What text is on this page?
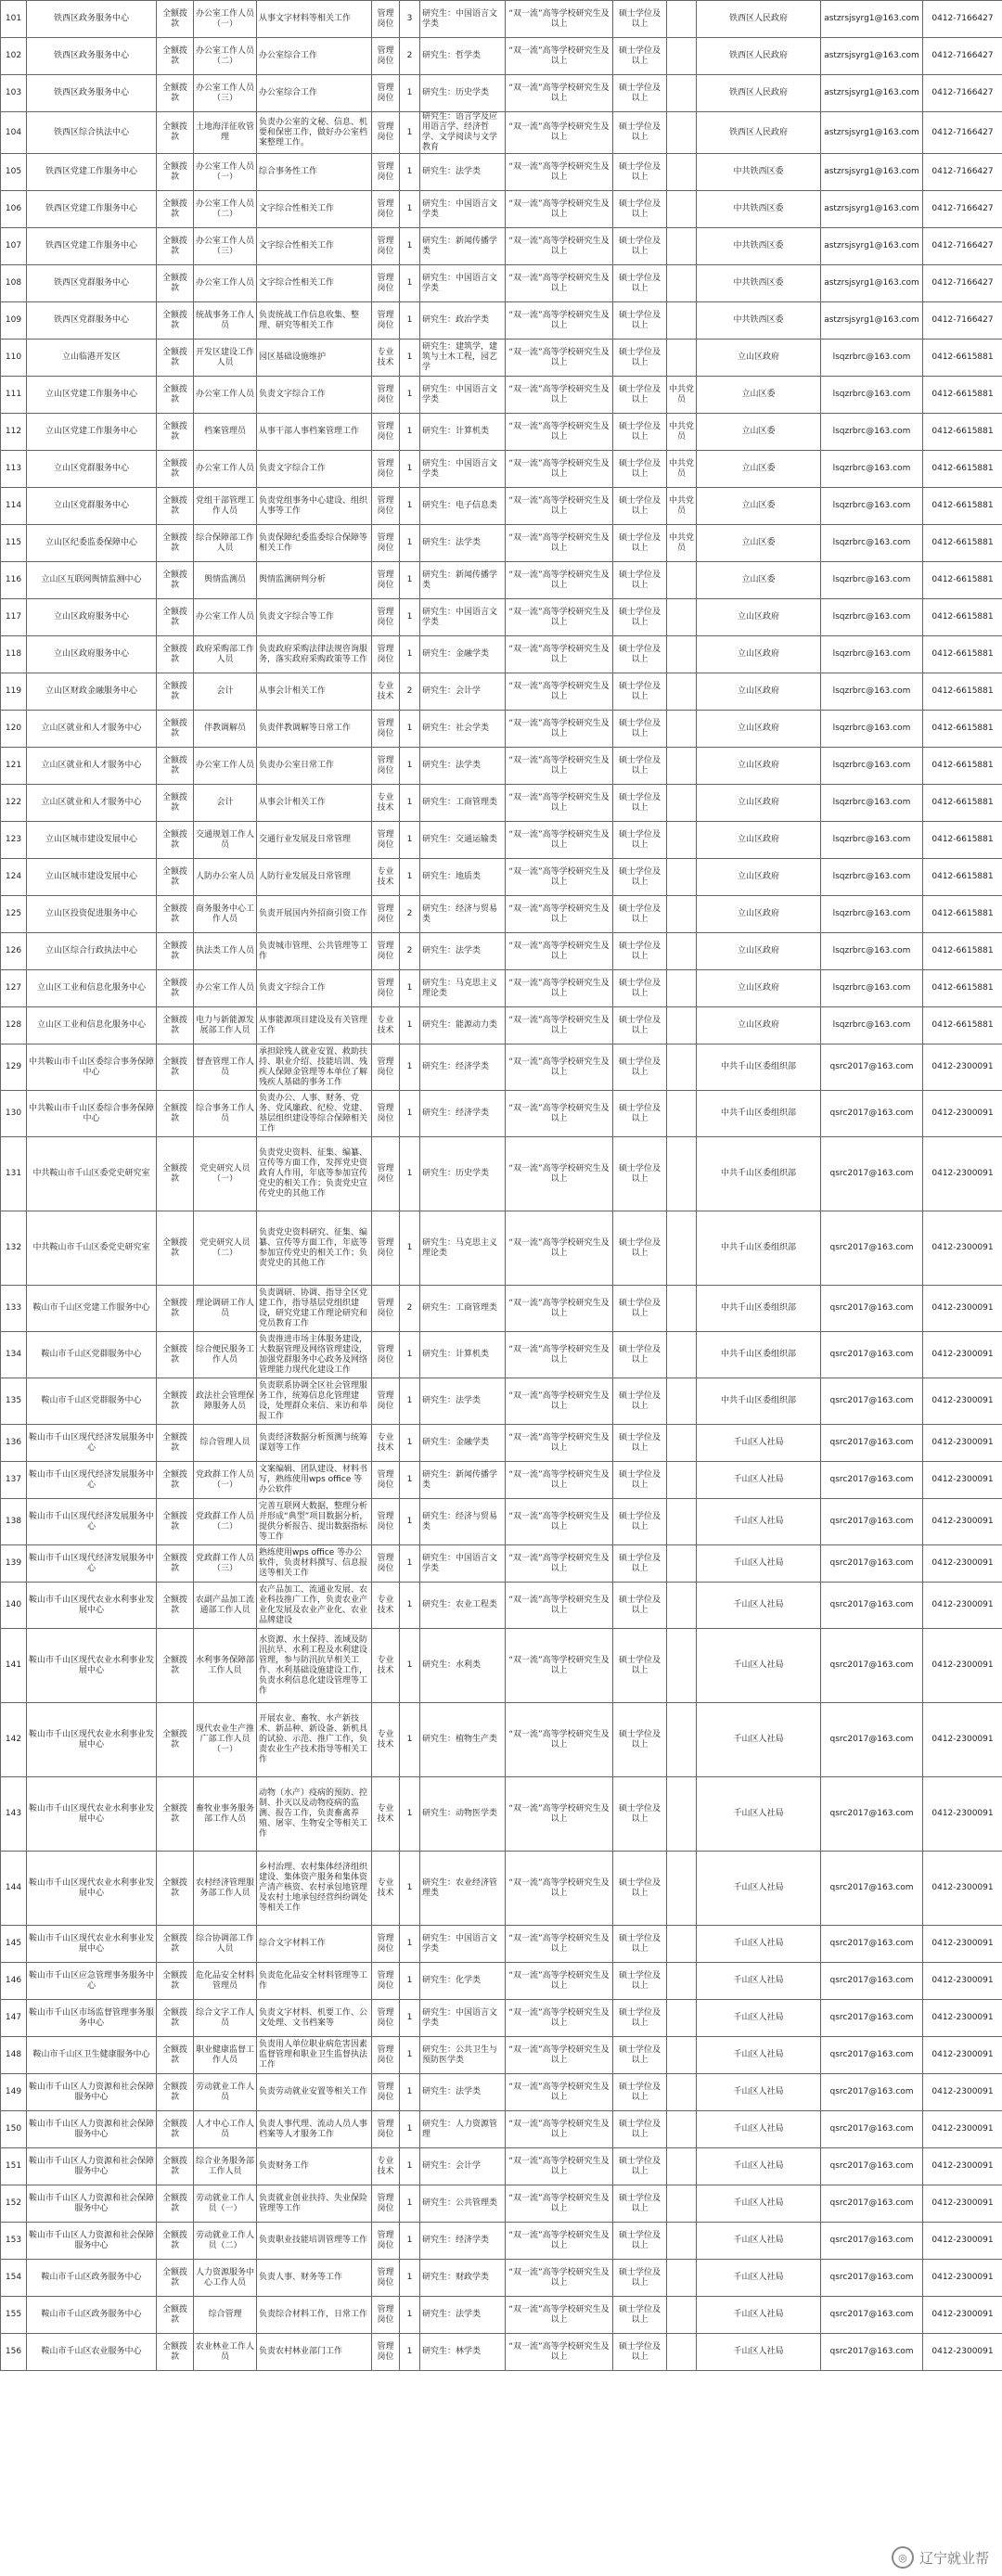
101	铁西区政务服务中心	全额拨款	办公室工作人员（一）	从事文字材料等相关工作	管理岗位	3	研究生：中国语言文学类	“双一流”高等学校研究生及以上	硕士学位及以上		铁西区人民政府	astzrsjsyrg1@163.com	0412-7166427
102	铁西区政务服务中心	全额拨款	办公室工作人员（二）	办公室综合工作	管理岗位	2	研究生：哲学类	“双一流”高等学校研究生及以上	硕士学位及以上		铁西区人民政府	astzrsjsyrg1@163.com	0412-7166427
103	铁西区政务服务中心	全额拨款	办公室工作人员（三）	办公室综合工作	管理岗位	1	研究生：历史学类	“双一流”高等学校研究生及以上	硕士学位及以上		铁西区人民政府	astzrsjsyrg1@163.com	0412-7166427
104	铁西区综合执法中心	全额拨款	土地海洋征收管理	负责办公室的文秘、信息、机要和保密工作，做好办公室档案整理工作。	管理岗位	1	研究生：语言学及应用语言学、经济哲学、文学阅读与文学教育	“双一流”高等学校研究生及以上	硕士学位及以上		铁西区人民政府	astzrsjsyrg1@163.com	0412-7166427
105	铁西区党建工作服务中心	全额拨款	办公室工作人员（一）	综合事务性工作	管理岗位	1	研究生：法学类	“双一流”高等学校研究生及以上	硕士学位及以上		中共铁西区委	astzrsjsyrg1@163.com	0412-7166427
106	铁西区党建工作服务中心	全额拨款	办公室工作人员（二）	文字综合性相关工作	管理岗位	1	研究生：中国语言文学类	“双一流”高等学校研究生及以上	硕士学位及以上		中共铁西区委	astzrsjsyrg1@163.com	0412-7166427
107	铁西区党建工作服务中心	全额拨款	办公室工作人员（三）	文字综合性相关工作	管理岗位	1	研究生：新闻传播学类	“双一流”高等学校研究生及以上	硕士学位及以上		中共铁西区委	astzrsjsyrg1@163.com	0412-7166427
108	铁西区党群服务中心	全额拨款	办公室工作人员	文字综合性相关工作	管理岗位	1	研究生：中国语言文学类	“双一流”高等学校研究生及以上	硕士学位及以上		中共铁西区委	astzrsjsyrg1@163.com	0412-7166427
109	铁西区党群服务中心	全额拨款	统战事务工作人员	负责统战工作信息收集、整理、研究等相关工作	管理岗位	1	研究生：政治学类	“双一流”高等学校研究生及以上	硕士学位及以上		中共铁西区委	astzrsjsyrg1@163.com	0412-7166427
110	立山临港开发区	全额拨款	开发区建设工作人员	园区基础设施维护	专业技术	1	研究生：建筑学，建筑与土木工程，园艺学	“双一流”高等学校研究生及以上	硕士学位及以上		立山区政府	lsqzrbrc@163.com	0412-6615881
111	立山区党建工作服务中心	全额拨款	办公室工作人员	负责文字综合工作	管理岗位	1	研究生：中国语言文学类	“双一流”高等学校研究生及以上	硕士学位及以上	中共党员	立山区委	lsqzrbrc@163.com	0412-6615881
112	立山区党建工作服务中心	全额拨款	档案管理员	从事干部人事档案管理工作	管理岗位	1	研究生：计算机类	“双一流”高等学校研究生及以上	硕士学位及以上	中共党员	立山区委	lsqzrbrc@163.com	0412-6615881
113	立山区党群服务中心	全额拨款	办公室工作人员	负责文字综合工作	管理岗位	1	研究生：中国语言文学类	“双一流”高等学校研究生及以上	硕士学位及以上	中共党员	立山区委	lsqzrbrc@163.com	0412-6615881
114	立山区党群服务中心	全额拨款	党组干部管理工作人员	负责党组事务中心建设、组织人事等工作	管理岗位	1	研究生：电子信息类	“双一流”高等学校研究生及以上	硕士学位及以上	中共党员	立山区委	lsqzrbrc@163.com	0412-6615881
115	立山区纪委监委保障中心	全额拨款	综合保障部工作人员	负责保障纪委监委综合保障等相关工作	管理岗位	1	研究生：法学类	“双一流”高等学校研究生及以上	硕士学位及以上	中共党员	立山区委	lsqzrbrc@163.com	0412-6615881
116	立山区互联网舆情监测中心	全额拨款	舆情监测员	舆情监测研判分析	管理岗位	1	研究生：新闻传播学类	“双一流”高等学校研究生及以上	硕士学位及以上		立山区委	lsqzrbrc@163.com	0412-6615881
117	立山区政府服务中心	全额拨款	办公室工作人员	负责文字综合等工作	管理岗位	1	研究生：中国语言文学类	“双一流”高等学校研究生及以上	硕士学位及以上		立山区政府	lsqzrbrc@163.com	0412-6615881
118	立山区政府服务中心	全额拨款	政府采购部工作人员	负责政府采购法律法规咨询服务，落实政府采购政策等工作	管理岗位	1	研究生：金融学类	“双一流”高等学校研究生及以上	硕士学位及以上		立山区政府	lsqzrbrc@163.com	0412-6615881
119	立山区财政金融服务中心	全额拨款	会计	从事会计相关工作	专业技术	2	研究生：会计学	“双一流”高等学校研究生及以上	硕士学位及以上		立山区政府	lsqzrbrc@163.com	0412-6615881
120	立山区就业和人才服务中心	全额拨款	伴教调解员	负责伴教调解等日常工作	管理岗位	1	研究生：社会学类	“双一流”高等学校研究生及以上	硕士学位及以上		立山区政府	lsqzrbrc@163.com	0412-6615881
121	立山区就业和人才服务中心	全额拨款	办公室工作人员	负责办公室日常工作	管理岗位	1	研究生：法学类	“双一流”高等学校研究生及以上	硕士学位及以上		立山区政府	lsqzrbrc@163.com	0412-6615881
122	立山区就业和人才服务中心	全额拨款	会计	从事会计相关工作	专业技术	1	研究生：工商管理类	“双一流”高等学校研究生及以上	硕士学位及以上		立山区政府	lsqzrbrc@163.com	0412-6615881
123	立山区城市建设发展中心	全额拨款	交通规划工作人员	交通行业发展及日常管理	管理岗位	1	研究生：交通运输类	“双一流”高等学校研究生及以上	硕士学位及以上		立山区政府	lsqzrbrc@163.com	0412-6615881
124	立山区城市建设发展中心	全额拨款	人防办公室人员	人防行业发展及日常管理	专业技术	1	研究生：地质类	“双一流”高等学校研究生及以上	硕士学位及以上		立山区政府	lsqzrbrc@163.com	0412-6615881
125	立山区投资促进服务中心	全额拨款	商务服务中心工作人员	负责开展国内外招商引资工作	管理岗位	2	研究生：经济与贸易类	“双一流”高等学校研究生及以上	硕士学位及以上		立山区政府	lsqzrbrc@163.com	0412-6615881
126	立山区综合行政执法中心	全额拨款	执法类工作人员	负责城市管理、公共管理等工作	管理岗位	2	研究生：法学类	“双一流”高等学校研究生及以上	硕士学位及以上		立山区政府	lsqzrbrc@163.com	0412-6615881
127	立山区工业和信息化服务中心	全额拨款	办公室工作人员	负责文字综合工作	管理岗位	1	研究生：马克思主义理论类	“双一流”高等学校研究生及以上	硕士学位及以上		立山区政府	lsqzrbrc@163.com	0412-6615881
128	立山区工业和信息化服务中心	全额拨款	电力与新能源发展部工作人员	从事能源项目建设及有关管理工作	专业技术	1	研究生：能源动力类	“双一流”高等学校研究生及以上	硕士学位及以上		立山区政府	lsqzrbrc@163.com	0412-6615881
129	中共鞍山市千山区委综合事务保障中心	全额拨款	督查管理工作人员	承担除残人就业安置、救助扶持、职业介绍、技能培训、残疾人保障金管理等本单位了解残疾人基础的事务工作	管理岗位	1	研究生：经济学类	“双一流”高等学校研究生及以上	硕士学位及以上		中共千山区委组织部	qsrc2017@163.com	0412-2300091
130	中共鞍山市千山区委综合事务保障中心	全额拨款	综合事务工作人员	负责办公、人事、财务、党务、党风廉政、纪检、党建、基层组织建设等综合保障相关工作	管理岗位	1	研究生：经济学类	“双一流”高等学校研究生及以上	硕士学位及以上		中共千山区委组织部	qsrc2017@163.com	0412-2300091
131	中共鞍山市千山区委党史研究室	全额拨款	党史研究人员（一）	负责党史资料、征集、编纂、宣传等方面工作，发挥党史资政育人作用，年底等参加宣传党史的相关工作；负责党史宣传党史的其他工作	管理岗位	1	研究生：历史学类	“双一流”高等学校研究生及以上	硕士学位及以上		中共千山区委组织部	qsrc2017@163.com	0412-2300091
132	中共鞍山市千山区委党史研究室	全额拨款	党史研究人员（二）	负责党史资料研究、征集、编纂、宣传等方面工作，年底等参加宣传党史的相关工作；负责党史的其他工作	管理岗位	1	研究生：马克思主义理论类	“双一流”高等学校研究生及以上	硕士学位及以上		中共千山区委组织部	qsrc2017@163.com	0412-2300091
133	鞍山市千山区党建工作服务中心	全额拨款	理论调研工作人员	负责调研、协调、指导全区党建工作，指导基层党组织建设，研究党建工作理论研究和党员教育工作	管理岗位	2	研究生：工商管理类	“双一流”高等学校研究生及以上	硕士学位及以上		中共千山区委组织部	qsrc2017@163.com	0412-2300091
134	鞍山市千山区党群服务中心	全额拨款	综合便民服务工作人员	负责推进市场主体服务建设，大数据管理及网络管理建设，加强党群服务中心政务及网络管理能力现代化建设工作	管理岗位	1	研究生：计算机类	“双一流”高等学校研究生及以上	硕士学位及以上		中共千山区委组织部	qsrc2017@163.com	0412-2300091
135	鞍山市千山区党群服务中心	全额拨款	政法社会管理保障服务人员	负责联系协调全区社会管理服务工作，统筹信息化管理建设，处理群众来信、来访和举报工作	管理岗位	1	研究生：法学类	“双一流”高等学校研究生及以上	硕士学位及以上		中共千山区委组织部	qsrc2017@163.com	0412-2300091
136	鞍山市千山区现代经济发展服务中心	全额拨款	综合管理人员	负责经济数据分析预测与统筹谋划等工作	专业技术	1	研究生：金融学类	“双一流”高等学校研究生及以上	硕士学位及以上		千山区人社局	qsrc2017@163.com	0412-2300091
137	鞍山市千山区现代经济发展服务中心	全额拨款	党政群工作人员（一）	文案编辑、团队建设、材料书写，熟练使用wps office 等办公软件	管理岗位	1	研究生：新闻传播学类	“双一流”高等学校研究生及以上	硕士学位及以上		千山区人社局	qsrc2017@163.com	0412-2300091
138	鞍山市千山区现代经济发展服务中心	全额拨款	党政群工作人员（二）	完善互联网大数据，整理分析并形成“典型”项目数据分析，提供分析报告、提出数据指标等工作	管理岗位	1	研究生：经济与贸易类	“双一流”高等学校研究生及以上	硕士学位及以上		千山区人社局	qsrc2017@163.com	0412-2300091
139	鞍山市千山区现代经济发展服务中心	全额拨款	党政群工作人员（三）	熟练使用wps office 等办公软件，负责材料撰写、信息报送等相关工作	管理岗位	1	研究生：中国语言文学类	“双一流”高等学校研究生及以上	硕士学位及以上		千山区人社局	qsrc2017@163.com	0412-2300091
140	鞍山市千山区现代农业水利事业发展中心	全额拨款	农副产品加工流通部工作人员	农产品加工、流通业发展、农业科技推广工作，负责农业产业化发展及农业产业化、农业品牌建设	专业技术	1	研究生：农业工程类	“双一流”高等学校研究生及以上	硕士学位及以上		千山区人社局	qsrc2017@163.com	0412-2300091
141	鞍山市千山区现代农业水利事业发展中心	全额拨款	水利事务保障部工作人员	水资源、水土保持、流域及防汛抗旱、水利工程及水利建设管理，参与防汛抗旱相关工作、水利基础设施建设工作，负责水利信息化建设管理等工作	专业技术	1	研究生：水利类	“双一流”高等学校研究生及以上	硕士学位及以上		千山区人社局	qsrc2017@163.com	0412-2300091
142	鞍山市千山区现代农业水利事业发展中心	全额拨款	现代农业生产推广部工作人员（一）	开展农业、畜牧、水产新技术、新品种、新设备、新机具的试验、示范、推广工作，负责农业生产技术指导等相关工作	专业技术	1	研究生：植物生产类	“双一流”高等学校研究生及以上	硕士学位及以上		千山区人社局	qsrc2017@163.com	0412-2300091
143	鞍山市千山区现代农业水利事业发展中心	全额拨款	畜牧业事务服务部工作人员	动物（水产）疫病的预防、控制、扑灭以及动物疫病的监测、报告工作，负责畜禽养殖、屠宰、生物安全等相关工作	专业技术	1	研究生：动物医学类	“双一流”高等学校研究生及以上	硕士学位及以上		千山区人社局	qsrc2017@163.com	0412-2300091
144	鞍山市千山区现代农业水利事业发展中心	全额拨款	农村经济管理服务部工作人员	乡村治理、农村集体经济组织建设、集体资产服务和集体资产清产核资、农村承包地管理及农村土地承包经营纠纷调处等相关工作	专业技术	1	研究生：农业经济管理类	“双一流”高等学校研究生及以上	硕士学位及以上		千山区人社局	qsrc2017@163.com	0412-2300091
145	鞍山市千山区现代农业水利事业发展中心	全额拨款	综合协调部工作人员	综合文字材料工作	管理岗位	1	研究生：中国语言文学类	“双一流”高等学校研究生及以上	硕士学位及以上		千山区人社局	qsrc2017@163.com	0412-2300091
146	鞍山市千山区应急管理事务服务中心	全额拨款	危化品安全材料管理员	负责危化品安全材料管理等工作	管理岗位	1	研究生：化学类	“双一流”高等学校研究生及以上	硕士学位及以上		千山区人社局	qsrc2017@163.com	0412-2300091
147	鞍山市千山区市场监督管理事务服务中心	全额拨款	综合文字工作人员	负责文字材料、机要工作、公文处理、文书档案等	管理岗位	1	研究生：中国语言文学类	“双一流”高等学校研究生及以上	硕士学位及以上		千山区人社局	qsrc2017@163.com	0412-2300091
148	鞍山市千山区卫生健康服务中心	全额拨款	职业健康监督工作人员	负责用人单位职业病危害因素监督管理和职业卫生监督执法工作	管理岗位	1	研究生：公共卫生与预防医学类	“双一流”高等学校研究生及以上	硕士学位及以上		千山区人社局	qsrc2017@163.com	0412-2300091
149	鞍山市千山区人力资源和社会保障服务中心	全额拨款	劳动就业工作人员	负责劳动就业安置等相关工作	管理岗位	1	研究生：法学类	“双一流”高等学校研究生及以上	硕士学位及以上		千山区人社局	qsrc2017@163.com	0412-2300091
150	鞍山市千山区人力资源和社会保障服务中心	全额拨款	人才中心工作人员	负责人事代理、流动人员人事档案等人才服务工作	管理岗位	1	研究生：人力资源管理	“双一流”高等学校研究生及以上	硕士学位及以上		千山区人社局	qsrc2017@163.com	0412-2300091
151	鞍山市千山区人力资源和社会保障服务中心	全额拨款	综合业务服务部工作人员	负责财务工作	专业技术	1	研究生：会计学	“双一流”高等学校研究生及以上	硕士学位及以上		千山区人社局	qsrc2017@163.com	0412-2300091
152	鞍山市千山区人力资源和社会保障服务中心	全额拨款	劳动就业工作人员（一）	负责就业创业扶持、失业保险管理等工作	管理岗位	1	研究生：公共管理类	“双一流”高等学校研究生及以上	硕士学位及以上		千山区人社局	qsrc2017@163.com	0412-2300091
153	鞍山市千山区人力资源和社会保障服务中心	全额拨款	劳动就业工作人员（二）	负责职业技能培训管理等工作	管理岗位	1	研究生：经济学类	“双一流”高等学校研究生及以上	硕士学位及以上		千山区人社局	qsrc2017@163.com	0412-2300091
154	鞍山市千山区政务服务中心	全额拨款	人力资源服务中心工作人员	负责人事、财务等工作	管理岗位	1	研究生：财政学类	“双一流”高等学校研究生及以上	硕士学位及以上		千山区人社局	qsrc2017@163.com	0412-2300091
155	鞍山市千山区政务服务中心	全额拨款	综合管理	负责综合材料工作，日常工作	管理岗位	1	研究生：法学类	“双一流”高等学校研究生及以上	硕士学位及以上		千山区人社局	qsrc2017@163.com	0412-2300091
156	鞍山市千山区农业服务中心	全额拨款	农业林业工作人员	负责农村林业部门工作	管理岗位	1	研究生：林学类	“双一流”高等学校研究生及以上	硕士学位及以上		千山区人社局	qsrc2017@163.com	0412-2300091
◎ 辽宁就业帮
